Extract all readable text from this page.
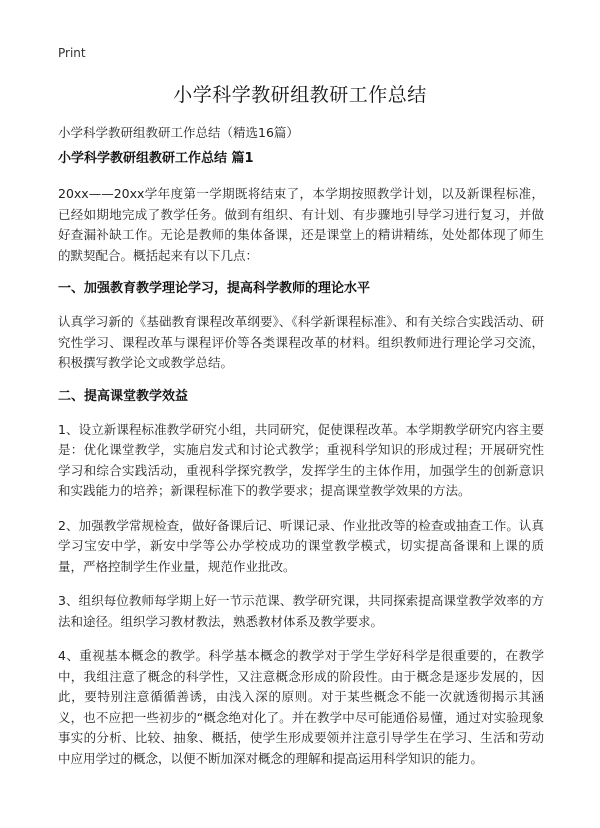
Print
小学科学教研组教研工作总结
小学科学教研组教研工作总结（精选16篇）

小学科学教研组教研工作总结 篇1

20xx——20xx学年度第一学期既将结束了，本学期按照教学计划，以及新课程标准，已经如期地完成了教学任务。做到有组织、有计划、有步骤地引导学习进行复习，并做好查漏补缺工作。无论是教师的集体备课，还是课堂上的精讲精练，处处都体现了师生的默契配合。概括起来有以下几点：

一、加强教育教学理论学习，提高科学教师的理论水平

认真学习新的《基础教育课程改革纲要》、《科学新课程标准》、和有关综合实践活动、研究性学习、课程改革与课程评价等各类课程改革的材料。组织教师进行理论学习交流，积极撰写教学论文或教学总结。

二、提高课堂教学效益

1、设立新课程标准教学研究小组，共同研究，促使课程改革。本学期教学研究内容主要是：优化课堂教学，实施启发式和讨论式教学；重视科学知识的形成过程；开展研究性学习和综合实践活动，重视科学探究教学，发挥学生的主体作用，加强学生的创新意识和实践能力的培养；新课程标准下的教学要求；提高课堂教学效果的方法。

2、加强教学常规检查，做好备课后记、听课记录、作业批改等的检查或抽查工作。认真学习宝安中学，新安中学等公办学校成功的课堂教学模式，切实提高备课和上课的质量，严格控制学生作业量，规范作业批改。

3、组织每位教师每学期上好一节示范课、教学研究课，共同探索提高课堂教学效率的方法和途径。组织学习教材教法，熟悉教材体系及教学要求。

4、重视基本概念的教学。科学基本概念的教学对于学生学好科学是很重要的，在教学中，我组注意了概念的科学性，又注意概念形成的阶段性。由于概念是逐步发展的，因此，要特别注意循循善诱，由浅入深的原则。对于某些概念不能一次就透彻揭示其涵义，也不应把一些初步的“概念绝对化了。并在教学中尽可能通俗易懂，通过对实验现象事实的分析、比较、抽象、概括，使学生形成要领并注意引导学生在学习、生活和劳动中应用学过的概念，以便不断加深对概念的理解和提高运用科学知识的能力。
